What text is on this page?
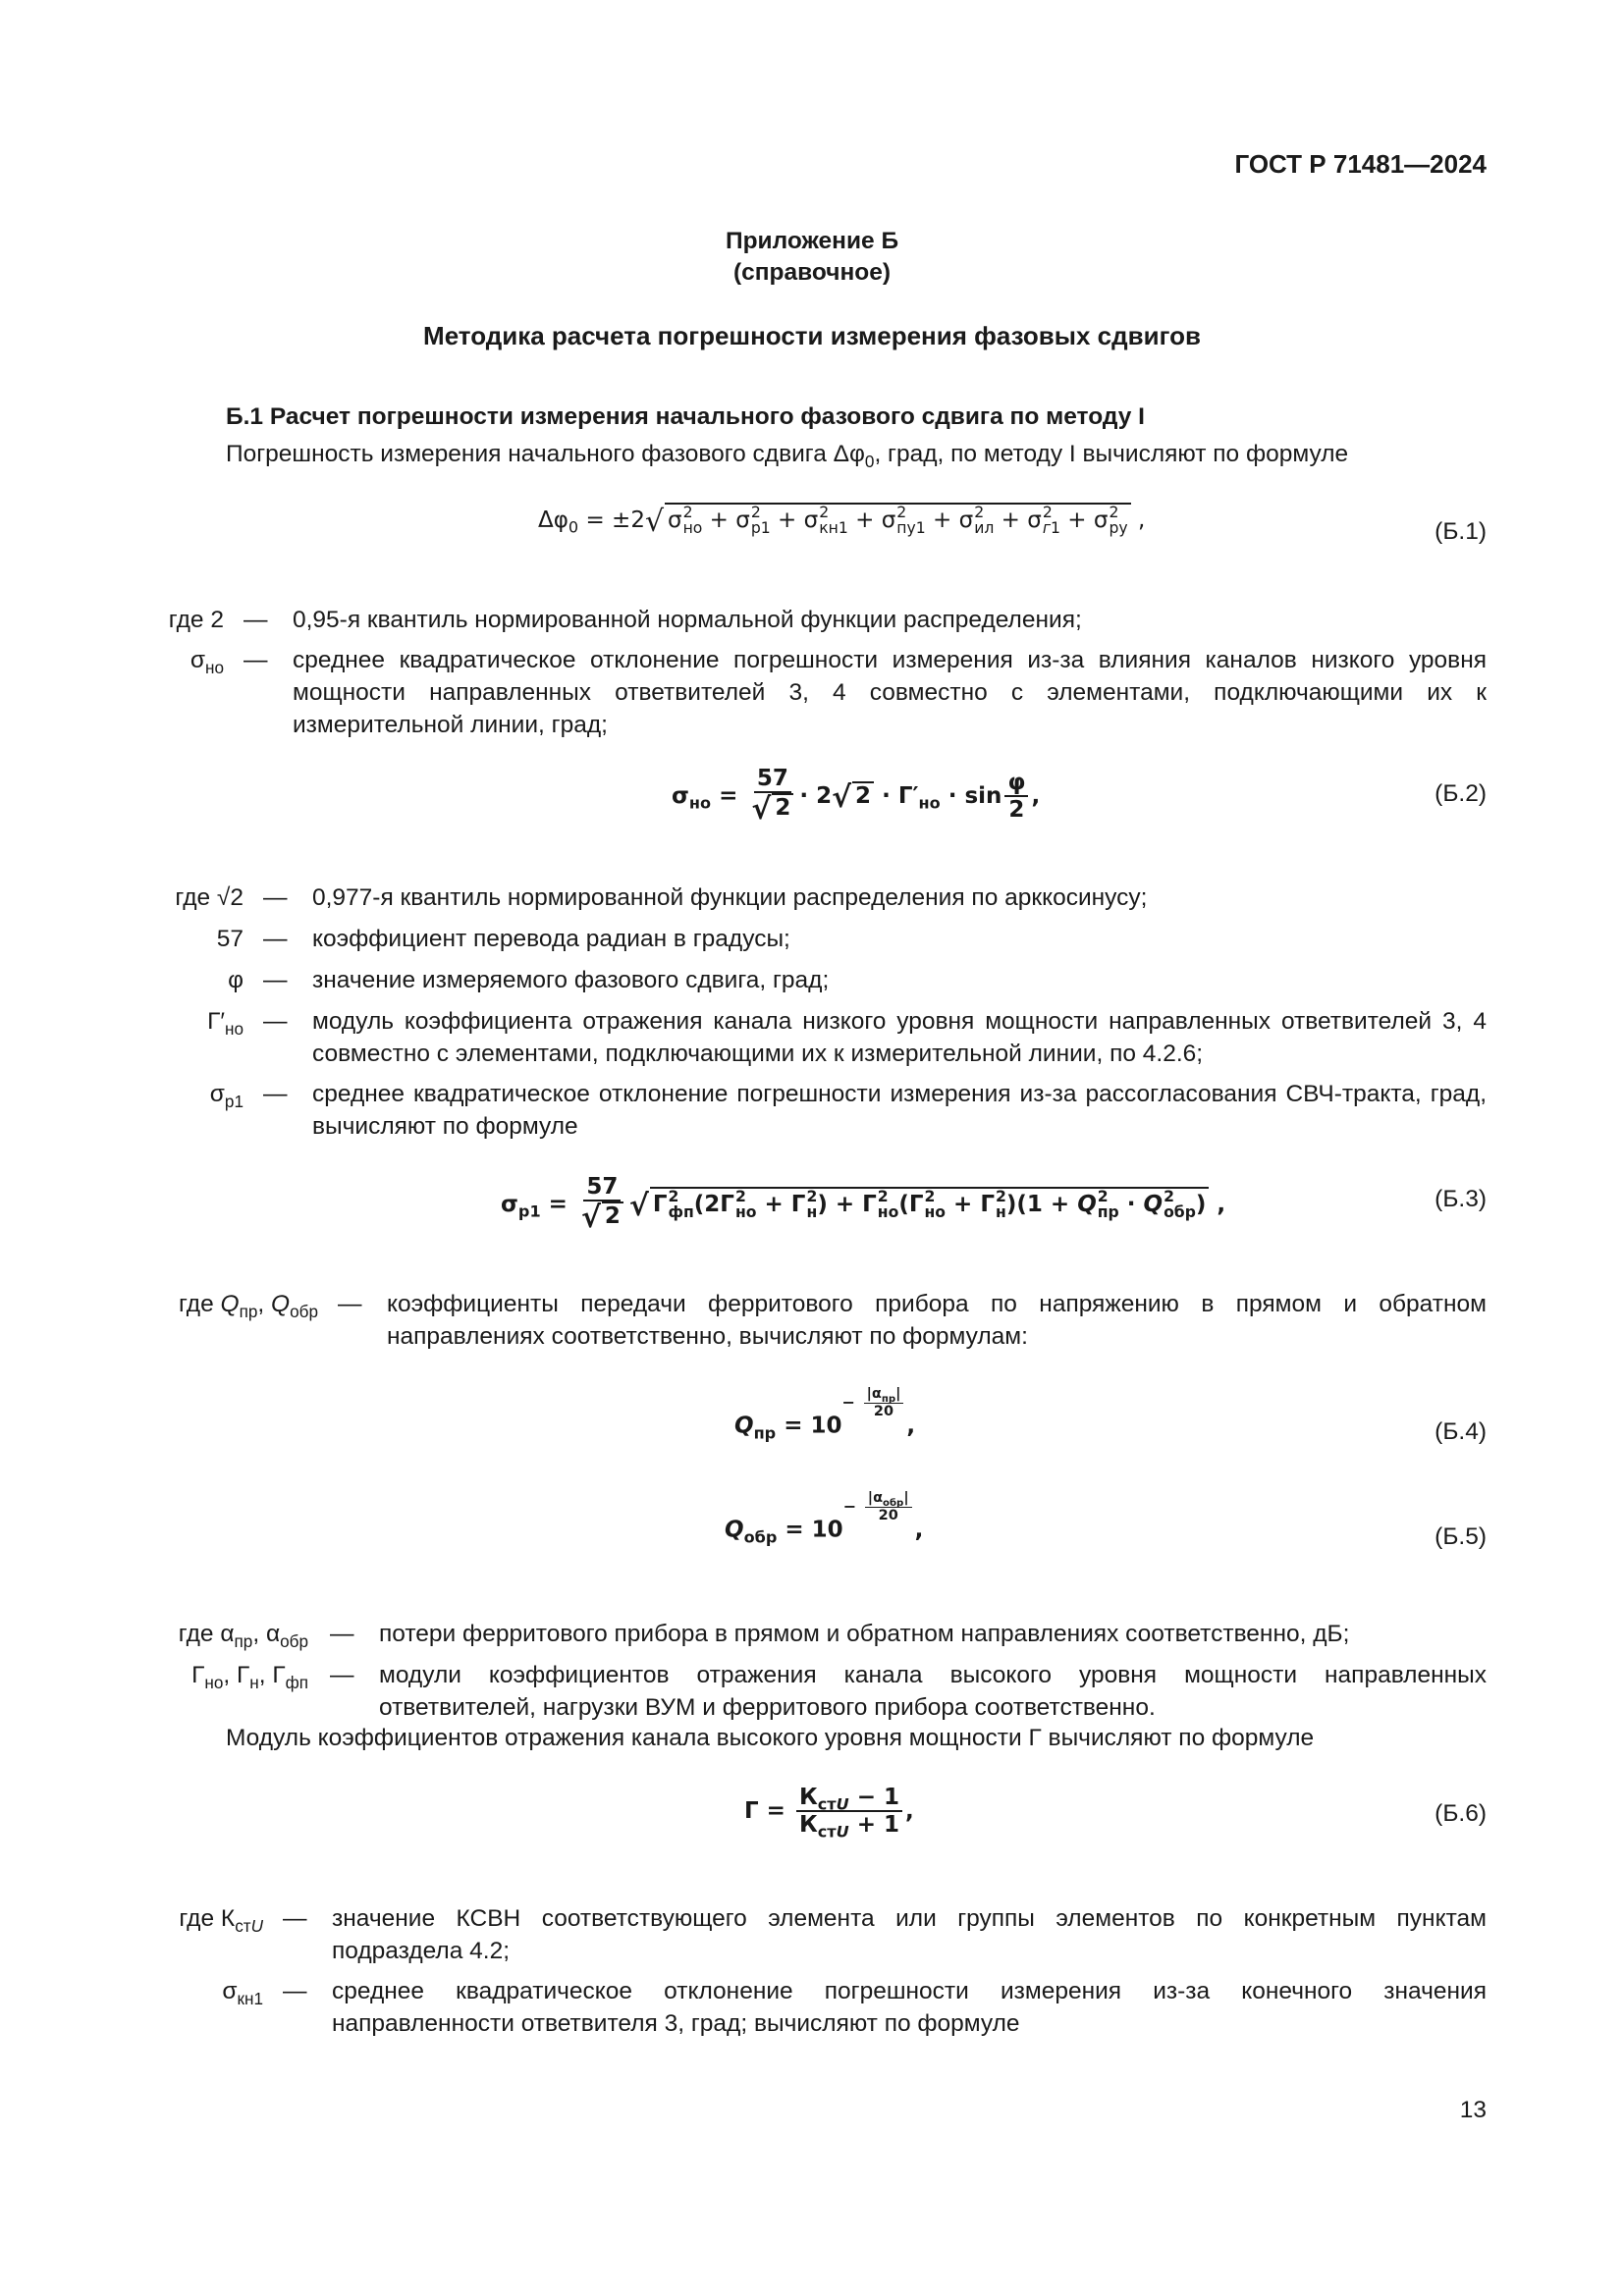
ГОСТ Р 71481—2024
Приложение Б
(справочное)
Методика расчета погрешности измерения фазовых сдвигов
Б.1 Расчет погрешности измерения начального фазового сдвига по методу I
Погрешность измерения начального фазового сдвига $\Delta\varphi_0$, град, по методу I вычисляют по формуле
$\Delta\varphi_0 = \pm 2√$ σ 2
но + σ 2
р1 + σ 2
кн1 + σ 2
пу1 + σ 2
ил + σ 2
г1 + σ 2
ру ,	(Б.1)
где 2 — 0,95-я квантиль нормированной нормальной функции распределения;
$\sigma_{но}$ — среднее квадратическое отклонение погрешности измерения из-за влияния каналов низкого уровня мощности направленных ответвителей 3, 4 совместно с элементами, подключающими их к измерительной линии, град;
$\sigma_{но} = \frac{57}{√ 2} \cdot 2√$ $2 \cdot Г'_{но} \cdot \sin \frac{\varphi}{2}$ ,	(Б.2)
где √2 — 0,977-я квантиль нормированной функции распределения по арккосинусу;
57 — коэффициент перевода радиан в градусы;
φ — значение измеряемого фазового сдвига, град;
$Г'_{но}$ — модуль коэффициента отражения канала низкого уровня мощности направленных ответвителей 3, 4 совместно с элементами, подключающими их к измерительной линии, по 4.2.6;
$\sigma_{р1}$ — среднее квадратическое отклонение погрешности измерения из-за рассогласования СВЧ-тракта, град, вычисляют по формуле
$\sigma_{р1} = \frac{57}{√ 2}$ √ Г 2
фп (2Г 2
но + Г 2
н ) + Г 2
но (Г 2
но + Г 2
н )(1 + Q 2
пр · Q 2
обр ) ,	(Б.3)
где $Q_{пр}$, $Q_{обр}$ — коэффициенты передачи ферритового прибора по напряжению в прямом и обратном направлениях соответственно, вычисляют по формулам:
$Q_{пр} = 10^{- \frac{|\alpha_{пр}|}{20}}$
,	(Б.4)
$Q_{обр} = 10^{- \frac{|\alpha_{обр}|}{20}}$
,	(Б.5)
где $\alpha_{пр}$, $\alpha_{обр}$ — потери ферритового прибора в прямом и обратном направлениях соответственно, дБ;
$Г_{но}$, $Г_н$, $Г_{фп}$ — модули коэффициентов отражения канала высокого уровня мощности направленных ответвителей, нагрузки ВУМ и ферритового прибора соответственно.
Модуль коэффициентов отражения канала высокого уровня мощности Г вычисляют по формуле
$Г = \frac{К_{стU} - 1}{К_{стU} + 1}$ ,	(Б.6)
где $К_{стU}$ — значение КСВН соответствующего элемента или группы элементов по конкретным пунктам подраздела 4.2;
$\sigma_{кн1}$ — среднее квадратическое отклонение погрешности измерения из-за конечного значения направленности ответвителя 3, град; вычисляют по формуле
13
